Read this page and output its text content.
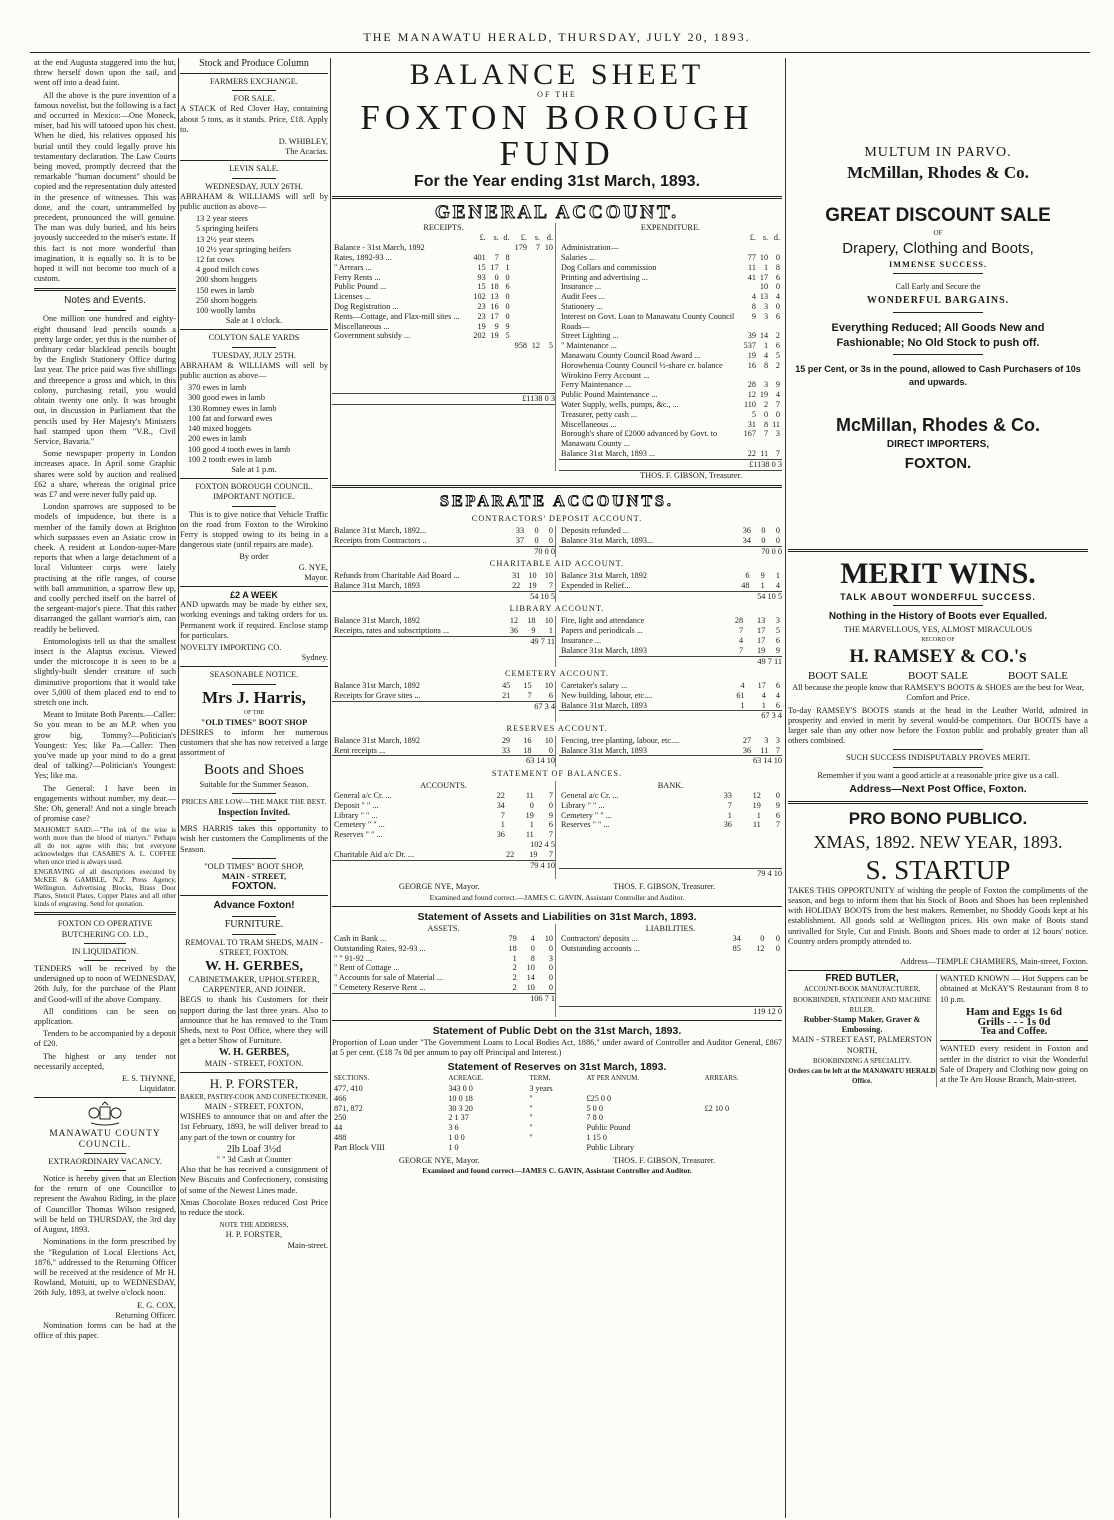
THE MANAWATU HERALD, THURSDAY, JULY 20, 1893.

at the end Augusta staggered into the hut, threw herself down upon the sail, and went off into a dead faint.

All the above is the pure invention of a famous novelist, but the following is a fact and occurred in Mexico:—One Moneck, miser, had his will tatooed upon his chest. When he died, his relatives opposed his burial until they could legally prove his testamentary declaration. The Law Courts being moved, promptly decreed that the remarkable "human document" should be copied and the representation duly attested in the presence of witnesses. This was done, and the court, untrammelled by precedent, pronounced the will genuine. The man was duly buried, and his heirs joyously succeeded to the miser's estate. If this fact is not more wonderful than imagination, it is equally so. It is to be hoped it will not become too much of a custom.

Notes and Events.

One million one hundred and eighty-eight thousand lead pencils sounds a pretty large order, yet this is the number of ordinary cedar blacklead pencils bought by the English Stationery Office during last year. The price paid was five shillings and threepence a gross and which, in this colony, purchasing retail, you would obtain twenty one only. It was brought out, in discussion in Parliament that the pencils used by Her Majesty's Ministers had stamped upon them "V.R., Civil Service, Bavaria."

Some newspaper property in London increases apace. In April some Graphic shares were sold by auction and realised £62 a share, whereas the original price was £7 and were never fully paid up.

London sparrows are supposed to be models of impudence, but there is a member of the family down at Brighton which surpasses even an Asiatic crow in cheek. A resident at London-super-Mare reports that when a large detachment of a local Volunteer corps were lately practising at the rifle ranges, of course with ball ammunition, a sparrow flew up, and coolly perched itself on the barrel of the sergeant-major's piece. That this rather disarranged the gallant warrior's aim, can readily be believed.

Entomologists tell us that the smallest insect is the Alaptus excisus. Viewed under the microscope it is seen to be a slightly-built slender creature of such diminutive proportions that it would take over 5,000 of them placed end to end to stretch one inch.

Meant to Imitate Both Parents.—Caller: So you mean to be an M.P. when you grow big, Tommy?—Politician's Youngest: Yes; like Pa.—Caller: Then you've made up your mind to do a great deal of talking?—Politician's Youngest: Yes; like ma.

The General: I have been in engagements without number, my dear.—She: Oh, general! And not a single breach of promise case?

MAHOMET SAID:—"The ink of the wise is worth more than the blood of martyrs." Perhaps all do not agree with this; but everyone acknowledges that CASABE'S A. L. COFFEE when once tried is always used.

ENGRAVING of all descriptions executed by McKEE & GAMBLE, N.Z. Press Agency, Wellington. Advertising Blocks, Brass Door Plates, Stencil Plates, Copper Plates and all other kinds of engraving. Send for quotation.

FOXTON CO OPERATIVE BUTCHERING CO. LD.,
IN LIQUIDATION.

TENDERS will be received by the undersigned up to noon of WEDNESDAY, 26th July, for the purchase of the Plant and Good-will of the above Company.

All conditions can be seen on application.

Tenders to be accompanied by a deposit of £20.

The highest or any tender not necessarily accepted,

E. S. THYNNE,
Liquidator.
MANAWATU COUNTY COUNCIL.
EXTRAORDINARY VACANCY.

Notice is hereby given that an Election for the return of one Councillor to represent the Awahou Riding, in the place of Councillor Thomas Wilson resigned, will be held on THURSDAY, the 3rd day of August, 1893.

Nominations in the form prescribed by the "Regulation of Local Elections Act, 1876," addressed to the Returning Officer will be received at the residence of Mr H. Rowland, Motuiti, up to WEDNESDAY, 26th July, 1893, at twelve o'clock noon.

E. G. COX,
Returning Officer.

Nomination forms can be had at the office of this paper.

Stock and Produce Column
FARMERS EXCHANGE.
FOR SALE.

A STACK of Red Clover Hay, containing about 5 tons, as it stands. Price, £18. Apply to.

D. WHIBLEY,
The Acacias.
LEVIN SALE.
WEDNESDAY, JULY 26TH.

ABRAHAM & WILLIAMS will sell by public auction as above—

13 2 year steers
5 springing heifers
13 2½ year steers
10 2½ year springing heifers
12 fat cows
4 good milch cows
200 shorn hoggets
150 ewes in lamb
250 shorn hoggets
100 woolly lambs
Sale at 1 o'clock.
COLYTON SALE YARDS
TUESDAY, JULY 25TH.

ABRAHAM & WILLIAMS will sell by public auction as above—

370 ewes in lamb
300 good ewes in lamb
130 Romney ewes in lamb
100 fat and forward ewes
140 mixed hoggets
200 ewes in lamb
100 good 4 tooth ewes in lamb
100 2 tooth ewes in lamb
Sale at 1 p.m.
FOXTON BOROUGH COUNCIL.
IMPORTANT NOTICE.

This is to give notice that Vehicle Traffic on the road from Foxton to the Wirokino Ferry is stopped owing to its being in a dangerous state (until repairs are made).

By order
G. NYE,
Mayor.
£2 A WEEK

AND upwards may be made by either sex, working evenings and taking orders for us. Permanent work if required. Enclose stamp for particulars.

NOVELTY IMPORTING CO.
Sydney.
SEASONABLE NOTICE.
Mrs J. Harris,
OF THE
"OLD TIMES" BOOT SHOP

DESIRES to inform her numerous customers that she has now received a large assortment of

Boots and Shoes
Suitable for the Summer Season.
PRICES ARE LOW—THE MAKE THE BEST.
Inspection Invited.

MRS HARRIS takes this opportunity to wish her customers the Compliments of the Season.

"OLD TIMES" BOOT SHOP,
MAIN - STREET,
FOXTON.
Advance Foxton!
FURNITURE.
REMOVAL TO TRAM SHEDS, MAIN - STREET, FOXTON.
W. H. GERBES,
CABINETMAKER, UPHOLSTERER, CARPENTER, AND JOINER.

BEGS to thank his Customers for their support during the last three years. Also to announce that he has removed to the Tram Sheds, next to Post Office, where they will get a better Show of Furniture.

W. H. GERBES,
MAIN - STREET, FOXTON.
H. P. FORSTER,
BAKER, PASTRY-COOK AND CONFECTIONER,
MAIN - STREET, FOXTON,

WISHES to announce that on and after the 1st February, 1893, he will deliver bread to any part of the town or country for

2lb Loaf 3½d
" " 3d Cash at Counter

Also that he has received a consignment of New Biscuits and Confectionery, consisting of some of the Newest Lines made.

Xmas Chocolate Boxes reduced Cost Price to reduce the stock.

NOTE THE ADDRESS,
H. P. FORSTER,
Main-street.
BALANCE SHEET
OF THE
FOXTON BOROUGH FUND
For the Year ending 31st March, 1893.
GENERAL ACCOUNT.
RECEIPTS.
	£.	s.	d.	£.	s.	d.
Balance - 31st March, 1892				179	7	10
Rates, 1892-93 ...	401	7	8			
" Arrears ...	15	17	1			
Ferry Rents ...	93	0	0			
Public Pound ...	15	18	6			
Licenses ...	102	13	0			
Dog Registration ...	23	16	0			
Rents—Cottage, and Flax-mill sites ...	23	17	0			
Miscellaneous ...	19	9	9			
Government subsidy ...	202	19	5			
				958	12	5
£1138 0 3
EXPENDITURE.
	£.	s.	d.
Administration—			
Salaries ...	77	10	0
Dog Collars and commission	11	1	8
Printing and advertising ...	41	17	6
Insurance ...		10	0
Audit Fees ...	4	13	4
Stationery ...	8	3	0
Interest on Govt. Loan to Manawatu County Council	9	3	6
Roads—			
Street Lighting ...	39	14	2
" Maintenance ...	537	1	6
Manawatu County Council Road Award ...	19	4	5
Horowhenua County Council ½-share cr. balance Wirokino Ferry Account ...	16	8	2
Ferry Maintenance ...	28	3	9
Public Pound Maintenance ...	12	19	4
Water Supply, wells, pumps, &c., ...	110	2	7
Treasurer, petty cash ...	5	0	0
Miscellaneous ...	31	8	11
Borough's share of £2000 advanced by Govt. to Manawatu County ...	167	7	3
Balance 31st March, 1893 ...	22	11	7
£1138 0 3
THOS. F. GIBSON, Treasurer.
SEPARATE ACCOUNTS.
CONTRACTORS' DEPOSIT ACCOUNT.
Balance 31st March, 1892...	33	0	0
Receipts from Contractors ..	37	0	0
70 0 0
Deposits refunded ...	36	0	0
Balance 31st March, 1893...	34	0	0
70 0 0
CHARITABLE AID ACCOUNT.
Refunds from Charitable Aid Board ...	31	10	10
Balance 31st March, 1893	22	19	7
54 10 5
Balance 31st March, 1892	6	9	1
Expended in Relief...	48	1	4
54 10 5
LIBRARY ACCOUNT.
Balance 31st March, 1892	12	18	10
Receipts, rates and subscriptions ...	36	9	1
49 7 11
Fire, light and attendance	28	13	3
Papers and periodicals ...	7	17	5
Insurance ...	4	17	6
Balance 31st March, 1893	7	19	9
49 7 11
CEMETERY ACCOUNT.
Balance 31st March, 1892	45	15	10
Receipts for Grave sites ...	21	7	6
67 3 4
Caretaker's salary ...	4	17	6
New building, labour, etc....	61	4	4
Balance 31st March, 1893	1	1	6
67 3 4
RESERVES ACCOUNT.
Balance 31st March, 1892	29	16	10
Rent receipts ...	33	18	0
63 14 10
Fencing, tree planting, labour, etc....	27	3	3
Balance 31st March, 1893	36	11	7
63 14 10
STATEMENT OF BALANCES.
ACCOUNTS.
General a/c Cr. ...	22	11	7
Deposit " " ...	34	0	0
Library " " ...	7	19	9
Cemetery " " ...	1	1	6
Reserves " " ...	36	11	7
102 4 5
Charitable Aid a/c Dr. ...	22	19	7
79 4 10
BANK.
General a/c Cr. ...	33	12	0
Library " " ...	7	19	9
Cemetery " " ...	1	1	6
Reserves " " ...	36	11	7
79 4 10
GEORGE NYE, Mayor.	THOS. F. GIBSON, Treasurer.
Examined and found correct.—JAMES C. GAVIN, Assistant Controller and Auditor.
Statement of Assets and Liabilities on 31st March, 1893.
ASSETS.
Cash in Bank ...	79	4	10
Outstanding Rates, 92-93 ...	18	0	0
" " 91-92 ...	1	8	3
" Rent of Cottage ...	2	10	0
" Accounts for sale of Material ...	2	14	0
" Cemetery Reserve Rent ...	2	10	0
106 7 1
LIABILITIES.
Contractors' deposits ...	34	0	0
Outstanding accounts ...	85	12	0
119 12 0
Statement of Public Debt on the 31st March, 1893.

Proportion of Loan under "The Government Loans to Local Bodies Act, 1886," under award of Controller and Auditor General, £867 at 5 per cent. (£18 7s 0d per annum to pay off Principal and Interest.)

Statement of Reserves on 31st March, 1893.
SECTIONS.	ACREAGE.	TERM.	AT PER ANNUM.	ARREARS.
477, 410	343 0 0	3 years		
466	10 0 18	"	£25 0 0	
871, 872	30 3 20	"	5 0 0	£2 10 0
250	2 1 37	"	7 8 0	
44	3 6	"	Public Pound	
488	1 0 0	"	1 15 0	
Part Block VIII	1 0		Public Library	
GEORGE NYE, Mayor.	THOS. F. GIBSON, Treasurer.
Examined and found correct—JAMES C. GAVIN, Assistant Controller and Auditor.
MULTUM IN PARVO.
McMillan, Rhodes & Co.
GREAT DISCOUNT SALE
OF
Drapery, Clothing and Boots,
IMMENSE SUCCESS.
Call Early and Secure the
WONDERFUL BARGAINS.
Everything Reduced; All Goods New and
Fashionable; No Old Stock to push off.
15 per Cent, or 3s in the pound, allowed to Cash Purchasers of 10s and upwards.
McMillan, Rhodes & Co.
DIRECT IMPORTERS,
FOXTON.
MERIT WINS.
TALK ABOUT WONDERFUL SUCCESS.
Nothing in the History of Boots ever Equalled.
THE MARVELLOUS, YES, ALMOST MIRACULOUS
RECORD OF
H. RAMSEY & CO.'s
BOOT SALE	BOOT SALE	BOOT SALE

All because the people know that RAMSEY'S BOOTS & SHOES are the best for Wear, Comfort and Price.

To-day RAMSEY'S BOOTS stands at the head in the Leather World, admired in prosperity and envied in merit by several would-be competitors. Our BOOTS have a larger sale than any other now before the Foxton public and probably greater than all others combined.

SUCH SUCCESS INDISPUTABLY PROVES MERIT.
Remember if you want a good article at a reasonable price give us a call.
Address—Next Post Office, Foxton.
PRO BONO PUBLICO.
XMAS, 1892. NEW YEAR, 1893.
S. STARTUP

TAKES THIS OPPORTUNITY of wishing the people of Foxton the compliments of the season, and begs to inform them that his Stock of Boots and Shoes has been replenished with HOLIDAY BOOTS from the best makers. Remember, no Shoddy Goods kept at his establishment. All goods sold at Wellington prices. His own make of Boots stand unrivalled for Style, Cut and Finish. Boots and Shoes made to order at 12 hours' notice. Country orders promptly attended to.

Address—TEMPLE CHAMBERS, Main-street, Foxton.
FRED BUTLER,
ACCOUNT-BOOK MANUFACTURER, BOOKBINDER, STATIONER AND MACHINE RULER.
Rubber-Stamp Maker, Graver & Embossing.
MAIN - STREET EAST, PALMERSTON NORTH,
BOOKBINDING A SPECIALITY.
Orders can be left at the MANAWATU HERALD Office.

WANTED KNOWN — Hot Suppers can be obtained at McKAY'S Restaurant from 8 to 10 p.m.

Ham and Eggs 1s 6d
Grills - - - 1s 0d
Tea and Coffee.

WANTED every resident in Foxton and settler in the district to visit the Wonderful Sale of Drapery and Clothing now going on at the Te Aro House Branch, Main-street.
